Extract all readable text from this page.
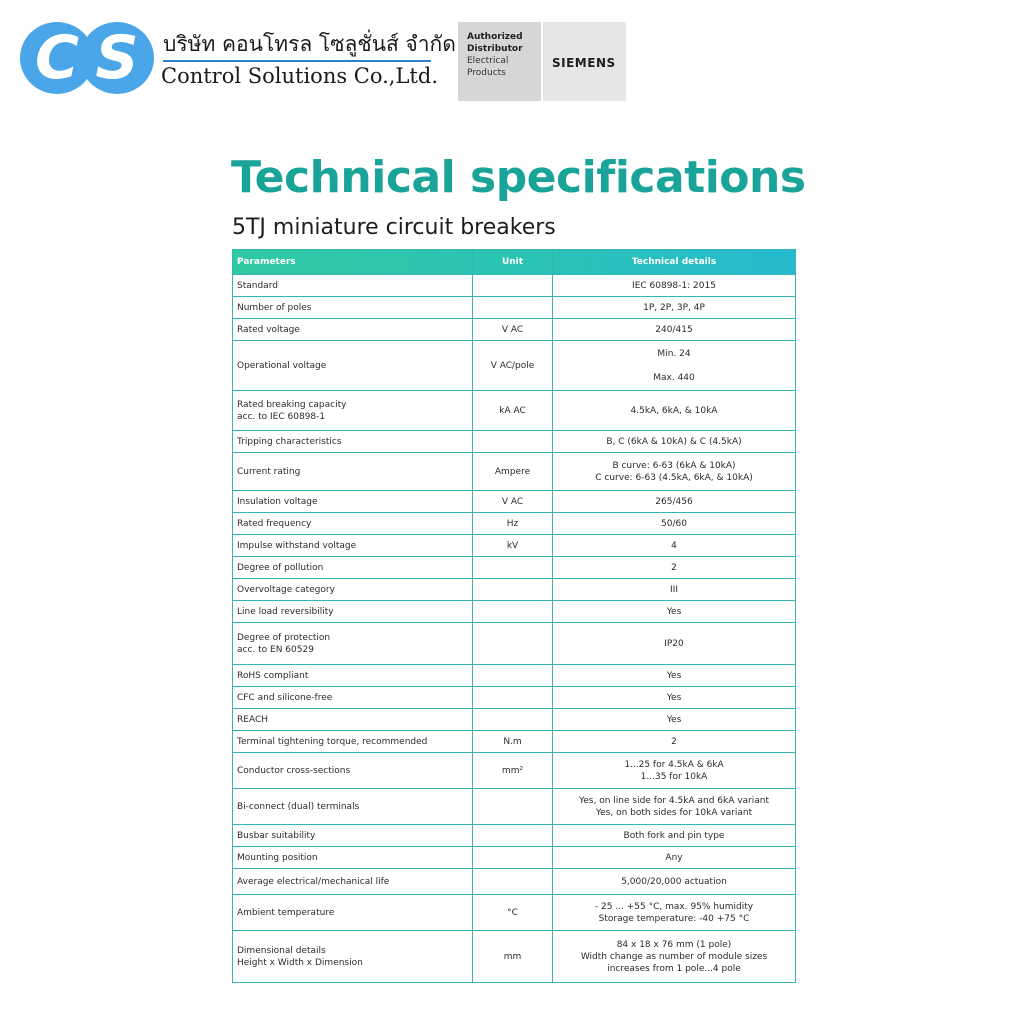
C S	บริษัท คอนโทรล โซลูชั่นส์ จำกัด
Control Solutions Co.,Ltd.
Authorized
Distributor
Electrical
Products
SIEMENS
Technical specifications
5TJ miniature circuit breakers
Parameters	Unit	Technical details

Standard		IEC 60898-1: 2015

Number of poles		1P, 2P, 3P, 4P

Rated voltage	V AC	240/415

Operational voltage	V AC/pole	Min. 24
Max. 440

Rated breaking capacity
acc. to IEC 60898-1	kA AC	4.5kA, 6kA, & 10kA

Tripping characteristics		B, C (6kA & 10kA) & C (4.5kA)

Current rating	Ampere	B curve: 6-63 (6kA & 10kA)
C curve: 6-63 (4.5kA, 6kA, & 10kA)

Insulation voltage	V AC	265/456

Rated frequency	Hz	50/60

Impulse withstand voltage	kV	4

Degree of pollution		2

Overvoltage category		III

Line load reversibility		Yes

Degree of protection
acc. to EN 60529		IP20

RoHS compliant		Yes

CFC and silicone-free		Yes

REACH		Yes

Terminal tightening torque, recommended	N.m	2

Conductor cross-sections	mm²	1...25 for 4.5kA & 6kA
1...35 for 10kA

Bi-connect (dual) terminals		Yes, on line side for 4.5kA and 6kA variant
Yes, on both sides for 10kA variant

Busbar suitability		Both fork and pin type

Mounting position		Any

Average electrical/mechanical life		5,000/20,000 actuation

Ambient temperature	°C	- 25 ... +55 °C, max. 95% humidity
Storage temperature: -40 +75 °C

Dimensional details
Height x Width x Dimension	mm	84 x 18 x 76 mm (1 pole)
Width change as number of module sizes
increases from 1 pole...4 pole
